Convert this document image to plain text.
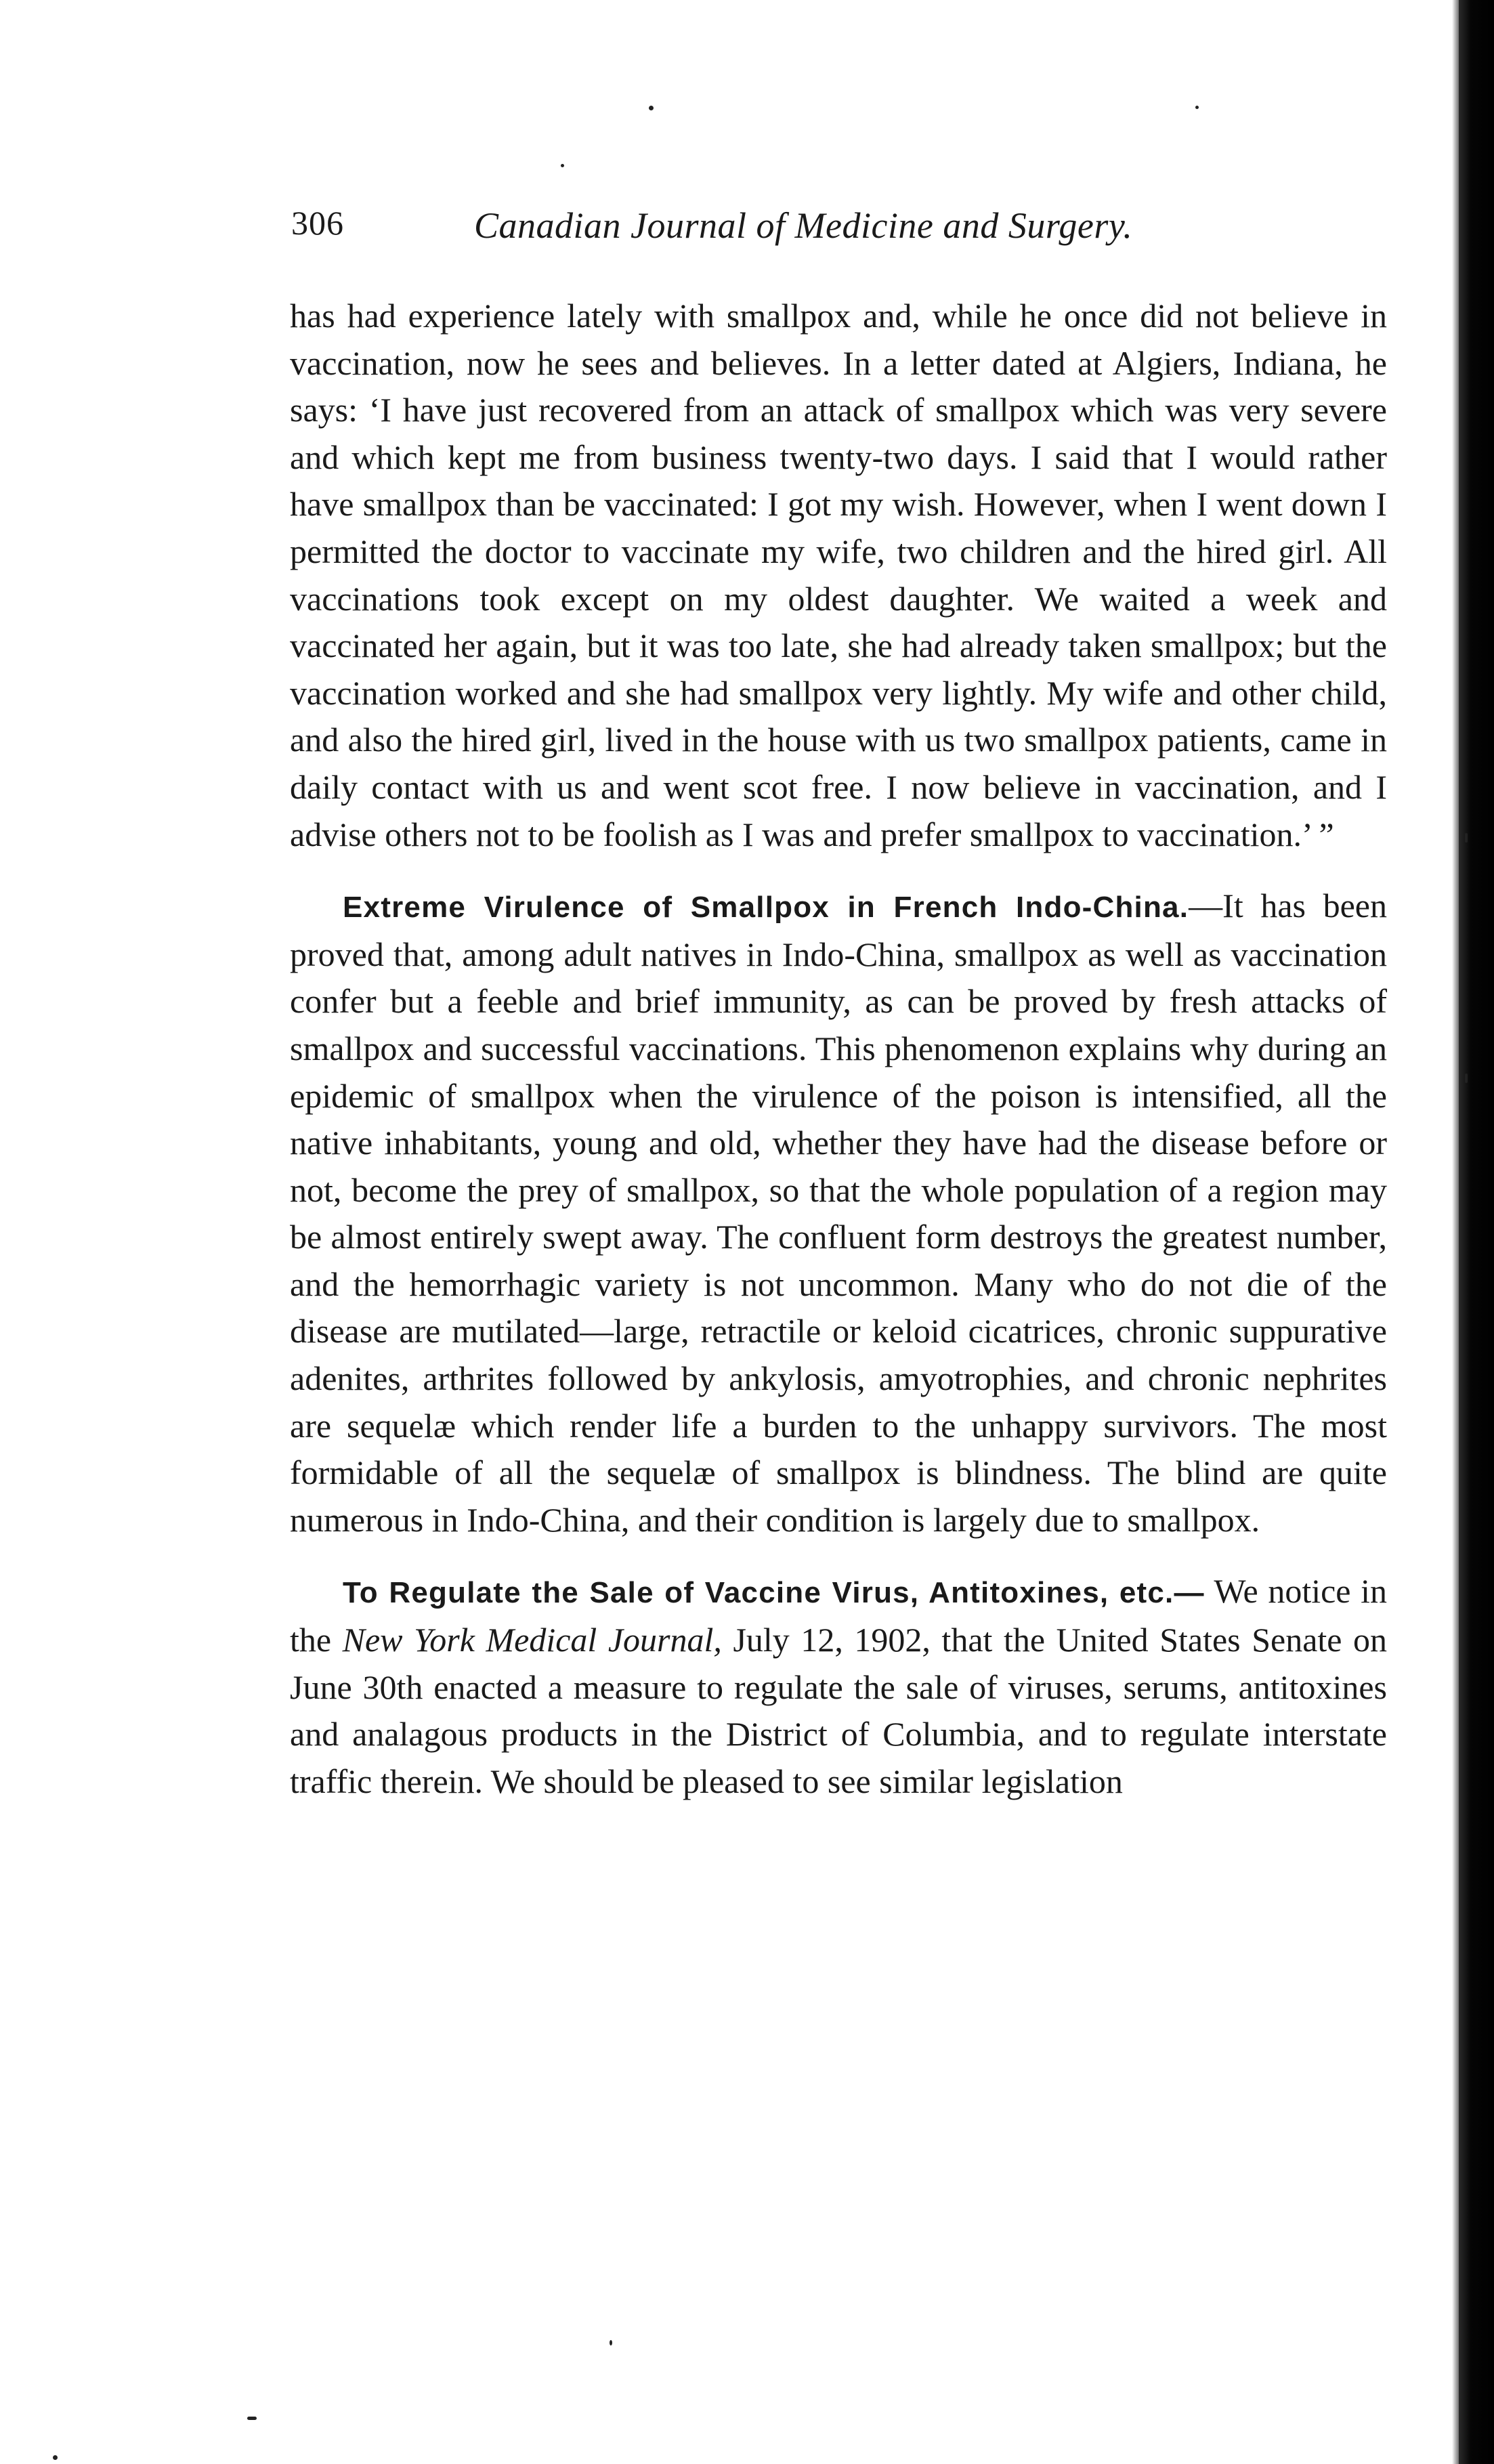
306	Canadian Journal of Medicine and Surgery.

has had experience lately with smallpox and, while he once did not believe in vaccination, now he sees and believes. In a letter dated at Algiers, Indiana, he says: ‘I have just recovered from an attack of smallpox which was very severe and which kept me from business twenty-two days. I said that I would rather have smallpox than be vaccinated: I got my wish. However, when I went down I permitted the doctor to vaccinate my wife, two children and the hired girl. All vaccinations took except on my oldest daughter. We waited a week and vaccinated her again, but it was too late, she had already taken smallpox; but the vaccination worked and she had smallpox very lightly. My wife and other child, and also the hired girl, lived in the house with us two smallpox patients, came in daily contact with us and went scot free. I now believe in vaccination, and I advise others not to be foolish as I was and prefer smallpox to vaccination.’ ”

Extreme Virulence of Smallpox in French Indo-China.—It has been proved that, among adult natives in Indo-China, smallpox as well as vaccination confer but a feeble and brief immunity, as can be proved by fresh attacks of smallpox and successful vaccinations. This phenomenon explains why during an epidemic of smallpox when the virulence of the poison is intensified, all the native inhabitants, young and old, whether they have had the disease before or not, become the prey of smallpox, so that the whole population of a region may be almost entirely swept away. The confluent form destroys the greatest number, and the hemorrhagic variety is not uncommon. Many who do not die of the disease are mutilated—large, retractile or keloid cicatrices, chronic suppurative adenites, arthrites followed by ankylosis, amyotrophies, and chronic nephrites are sequelæ which render life a burden to the unhappy survivors. The most formidable of all the sequelæ of smallpox is blindness. The blind are quite numerous in Indo-China, and their condition is largely due to smallpox.

To Regulate the Sale of Vaccine Virus, Antitoxines, etc.— We notice in the New York Medical Journal, July 12, 1902, that the United States Senate on June 30th enacted a measure to regulate the sale of viruses, serums, antitoxines and analagous products in the District of Columbia, and to regulate interstate traffic therein. We should be pleased to see similar legislation
